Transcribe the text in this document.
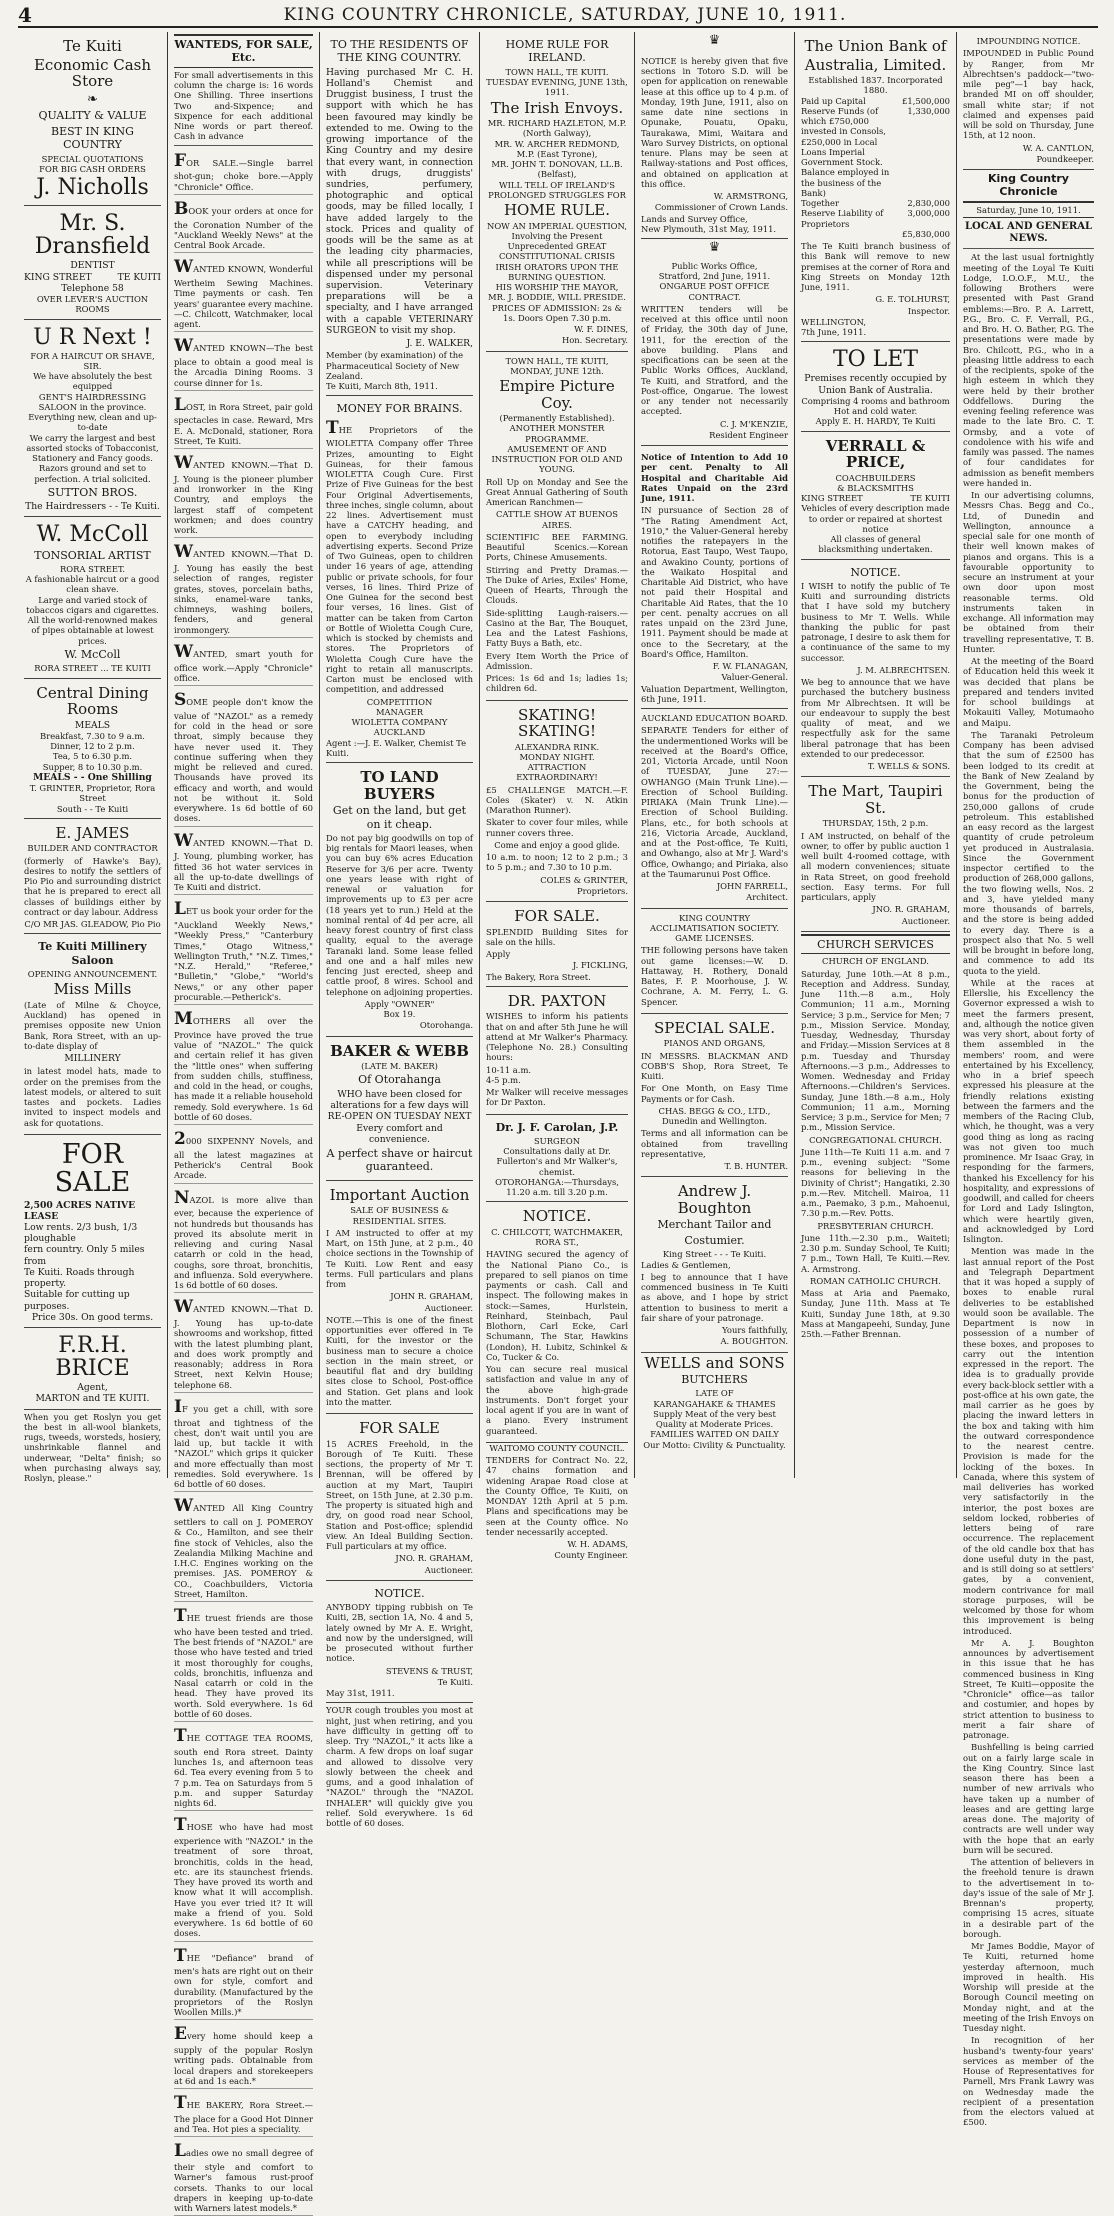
4	KING COUNTRY CHRONICLE, SATURDAY, JUNE 10, 1911.
Te Kuiti
Economic Cash Store
❧
QUALITY & VALUE
BEST IN KING COUNTRY
SPECIAL QUOTATIONS
FOR BIG CASH ORDERS
J. Nicholls
Mr. S. Dransfield
DENTIST
KING STREET	TE KUITI
Telephone 58
OVER LEVER'S AUCTION ROOMS
U R Next !
FOR A HAIRCUT OR SHAVE, SIR.
We have absolutely the best equipped
GENT'S HAIRDRESSING SALOON in the province.
Everything new, clean and up-to-date
We carry the largest and best assorted stocks of Tobacconist, Stationery and Fancy goods.
Razors ground and set to perfection. A trial solicited.
SUTTON BROS.
The Hairdressers - - Te Kuiti.
W. McColl
TONSORIAL ARTIST
RORA STREET.
A fashionable haircut or a good clean shave.
Large and varied stock of tobaccos cigars and cigarettes.
All the world-renowned makes of pipes obtainable at lowest prices.
W. McColl
RORA STREET ... TE KUITI
Central Dining Rooms
MEALS
Breakfast, 7.30 to 9 a.m.
Dinner, 12 to 2 p.m.
Tea, 5 to 6.30 p.m.
Supper, 8 to 10.30 p.m.
MEALS - - One Shilling
T. GRINTER, Proprietor, Rora Street
South - - Te Kuiti
E. JAMES
BUILDER AND CONTRACTOR
(formerly of Hawke's Bay), desires to notify the settlers of Pio Pio and surrounding district that he is prepared to erect all classes of buildings either by contract or day labour. Address
C/O MR JAS. GLEADOW, Pio Pio
Te Kuiti Millinery Saloon
OPENING ANNOUNCEMENT.
Miss Mills
(Late of Milne & Choyce, Auckland) has opened in premises opposite new Union Bank, Rora Street, with an up-to-date display of
MILLINERY
in latest model hats, made to order on the premises from the latest models, or altered to suit tastes and pockets. Ladies invited to inspect models and ask for quotations.
FOR SALE
2,500 ACRES NATIVE LEASE
Low rents. 2/3 bush, 1/3 ploughable
fern country. Only 5 miles from
Te Kuiti. Roads through property.
Suitable for cutting up purposes.
Price 30s. On good terms.
F.R.H. BRICE
Agent,
MARTON and TE KUITI.
When you get Roslyn you get the best in all-wool blankets, rugs, tweeds, worsteds, hosiery, unshrinkable flannel and underwear, "Delta" finish; so when purchasing always say, Roslyn, please."
WANTEDS, FOR SALE, Etc.
For small advertisements in this column the charge is: 16 words One Shilling. Three insertions Two and-Sixpence; and Sixpence for each additional Nine words or part thereof. Cash in advance
FOR SALE.—Single barrel shot-gun; choke bore.—Apply "Chronicle" Office.
BOOK your orders at once for the Coronation Number of the "Auckland Weekly News" at the Central Book Arcade.
WANTED KNOWN, Wonderful Wertheim Sewing Machines. Time payments or cash. Ten years' guarantee every machine.—C. Chilcott, Watchmaker, local agent.
WANTED KNOWN—The best place to obtain a good meal is the Arcadia Dining Rooms. 3 course dinner for 1s.
LOST, in Rora Street, pair gold spectacles in case. Reward, Mrs E. A. McDonald, stationer, Rora Street, Te Kuiti.
WANTED KNOWN.—That D. J. Young is the pioneer plumber and ironworker in the King Country, and employs the largest staff of competent workmen; and does country work.
WANTED KNOWN.—That D. J. Young has easily the best selection of ranges, register grates, stoves, porcelain baths, sinks, enamel-ware tanks, chimneys, washing boilers, fenders, and general ironmongery.
WANTED, smart youth for office work.—Apply "Chronicle" office.
SOME people don't know the value of "NAZOL" as a remedy for cold in the head or sore throat, simply because they have never used it. They continue suffering when they might be relieved and cured. Thousands have proved its efficacy and worth, and would not be without it. Sold everywhere. 1s 6d bottle of 60 doses.
WANTED KNOWN.—That D. J. Young, plumbing worker, has fitted 36 hot water services in all the up-to-date dwellings of Te Kuiti and district.
LET us book your order for the "Auckland Weekly News," "Weekly Press," "Canterbury Times," Otago Witness," Wellington Truth," "N.Z. Times," "N.Z. Herald," "Referee," "Bulletin," "Globe," "World's News," or any other paper procurable.—Petherick's.
MOTHERS all over the Province have proved the true value of "NAZOL." The quick and certain relief it has given the "little ones" when suffering from sudden chills, stuffiness, and cold in the head, or coughs, has made it a reliable household remedy. Sold everywhere. 1s 6d bottle of 60 doses.
2000 SIXPENNY Novels, and all the latest magazines at Petherick's Central Book Arcade.
NAZOL is more alive than ever, because the experience of not hundreds but thousands has proved its absolute merit in relieving and curing Nasal catarrh or cold in the head, coughs, sore throat, bronchitis, and influenza. Sold everywhere. 1s 6d bottle of 60 doses.
WANTED KNOWN.—That D. J. Young has up-to-date showrooms and workshop, fitted with the latest plumbing plant, and does work promptly and reasonably; address in Rora Street, next Kelvin House; telephone 68.
IF you get a chill, with sore throat and tightness of the chest, don't wait until you are laid up, but tackle it with "NAZOL" which grips it quicker and more effectually than most remedies. Sold everywhere. 1s 6d bottle of 60 doses.
WANTED All King Country settlers to call on J. POMEROY & Co., Hamilton, and see their fine stock of Vehicles, also the Zealandia Milking Machine and I.H.C. Engines working on the premises. JAS. POMEROY & CO., Coachbuilders, Victoria Street, Hamilton.
THE truest friends are those who have been tested and tried. The best friends of "NAZOL" are those who have tested and tried it most thoroughly for coughs, colds, bronchitis, influenza and Nasal catarrh or cold in the head. They have proved its worth. Sold everywhere. 1s 6d bottle of 60 doses.
THE COTTAGE TEA ROOMS, south end Rora street. Dainty lunches 1s, and afternoon teas 6d. Tea every evening from 5 to 7 p.m. Tea on Saturdays from 5 p.m. and supper Saturday nights 6d.
THOSE who have had most experience with "NAZOL" in the treatment of sore throat, bronchitis, colds in the head, etc. are its staunchest friends. They have proved its worth and know what it will accomplish. Have you ever tried it? It will make a friend of you. Sold everywhere. 1s 6d bottle of 60 doses.
THE "Defiance" brand of men's hats are right out on their own for style, comfort and durability. (Manufactured by the proprietors of the Roslyn Woollen Mills.)*
Every home should keep a supply of the popular Roslyn writing pads. Obtainable from local drapers and storekeepers at 6d and 1s each.*
THE BAKERY, Rora Street.—The place for a Good Hot Dinner and Tea. Hot pies a speciality.
Ladies owe no small degree of their style and comfort to Warner's famous rust-proof corsets. Thanks to our local drapers in keeping up-to-date with Warners latest models.*
TO THE RESIDENTS OF THE KING COUNTRY.
Having purchased Mr C. H. Holland's Chemist and Druggist business, I trust the support with which he has been favoured may kindly be extended to me. Owing to the growing importance of the King Country and my desire that every want, in connection with drugs, druggists' sundries, perfumery, photographic and optical goods, may be filled locally, I have added largely to the stock. Prices and quality of goods will be the same as at the leading city pharmacies, while all prescriptions will be dispensed under my personal supervision. Veterinary preparations will be a specialty, and I have arranged with a capable VETERINARY SURGEON to visit my shop.
J. E. WALKER,
Member (by examination) of the Pharmaceutical Society of New Zealand.
Te Kuiti, March 8th, 1911.
MONEY FOR BRAINS.
THE Proprietors of the WIOLETTA Company offer Three Prizes, amounting to Eight Guineas, for their famous WIOLETTA Cough Cure. First Prize of Five Guineas for the best Four Original Advertisements, three inches, single column, about 22 lines. Advertisement must have a CATCHY heading, and open to everybody including advertising experts. Second Prize of Two Guineas, open to children under 16 years of age, attending public or private schools, for four verses, 16 lines. Third Prize of One Guinea for the second best four verses, 16 lines. Gist of matter can be taken from Carton or Bottle of Wioletta Cough Cure, which is stocked by chemists and stores. The Proprietors of Wioletta Cough Cure have the right to retain all manuscripts. Carton must be enclosed with competition, and addressed
COMPETITION
MANAGER
WIOLETTA COMPANY
AUCKLAND
Agent :—J. E. Walker, Chemist Te Kuiti.
TO LAND BUYERS
Get on the land, but get on it cheap.
Do not pay big goodwills on top of big rentals for Maori leases, when you can buy 6% acres Education Reserve for 3/6 per acre. Twenty one years lease with right of renewal or valuation for improvements up to £3 per acre (18 years yet to run.) Held at the nominal rental of 4d per acre, all heavy forest country of first class quality, equal to the average Taranaki land. Some lease felled and one and a half miles new fencing just erected, sheep and cattle proof, 8 wires. School and telephone on adjoining properties.
Apply "OWNER"
Box 19.
Otorohanga.
BAKER & WEBB
(LATE M. BAKER)
Of Otorahanga
WHO have been closed for alterations for a few days will
RE-OPEN ON TUESDAY NEXT
Every comfort and convenience.
A perfect shave or haircut guaranteed.
Important Auction
SALE OF BUSINESS & RESIDENTIAL SITES.
I AM instructed to offer at my Mart, on 15th June, at 2 p.m., 40 choice sections in the Township of Te Kuiti. Low Rent and easy terms. Full particulars and plans from
JOHN R. GRAHAM,
Auctioneer.
NOTE.—This is one of the finest opportunities ever offered in Te Kuiti, for the investor or the business man to secure a choice section in the main street, or beautiful flat and dry building sites close to School, Post-office and Station. Get plans and look into the matter.
FOR SALE
15 ACRES Freehold, in the Borough of Te Kuiti. These sections, the property of Mr T. Brennan, will be offered by auction at my Mart, Taupiri Street, on 15th June, at 2.30 p.m. The property is situated high and dry, on good road near School, Station and Post-office; splendid view. An Ideal Building Section. Full particulars at my office.
JNO. R. GRAHAM,
Auctioneer.
NOTICE.
ANYBODY tipping rubbish on Te Kuiti, 2B, section 1A, No. 4 and 5, lately owned by Mr A. E. Wright, and now by the undersigned, will be prosecuted without further notice.
STEVENS & TRUST,
Te Kuiti.
May 31st, 1911.
YOUR cough troubles you most at night, just when retiring, and you have difficulty in getting off to sleep. Try "NAZOL," it acts like a charm. A few drops on loaf sugar and allowed to dissolve very slowly between the cheek and gums, and a good inhalation of "NAZOL" through the "NAZOL INHALER" will quickly give you relief. Sold everywhere. 1s 6d bottle of 60 doses.
HOME RULE FOR IRELAND.
TOWN HALL, TE KUITI.
TUESDAY EVENING, JUNE 13th, 1911.
The Irish Envoys.
MR. RICHARD HAZLETON, M.P. (North Galway),
MR. W. ARCHER REDMOND, M.P. (East Tyrone),
MR. JOHN T. DONOVAN, LL.B. (Belfast),
WILL TELL OF IRELAND'S PROLONGED STRUGGLES FOR
HOME RULE.
NOW AN IMPERIAL QUESTION, Involving the Present Unprecedented GREAT CONSTITUTIONAL CRISIS
IRISH ORATORS UPON THE BURNING QUESTION.
HIS WORSHIP THE MAYOR, MR. J. BODDIE, WILL PRESIDE.
PRICES OF ADMISSION: 2s & 1s. Doors Open 7.30 p.m.
W. F. DINES,
Hon. Secretary.
TOWN HALL, TE KUITI,
MONDAY, JUNE 12th.
Empire Picture Coy.
(Permanently Established).
ANOTHER MONSTER PROGRAMME.
AMUSEMENT OF AND INSTRUCTION FOR OLD AND YOUNG.
Roll Up on Monday and See the Great Annual Gathering of South American Ranchmen—
CATTLE SHOW AT BUENOS AIRES.
SCIENTIFIC BEE FARMING. Beautiful Scenics.—Korean Ports, Chinese Amusements.
Stirring and Pretty Dramas.—The Duke of Aries, Exiles' Home, Queen of Hearts, Through the Clouds.
Side-splitting Laugh-raisers.—Casino at the Bar, The Bouquet, Lea and the Latest Fashions, Fatty Buys a Bath, etc.
Every Item Worth the Price of Admission.
Prices: 1s 6d and 1s; ladies 1s; children 6d.
SKATING! SKATING!
ALEXANDRA RINK.
MONDAY NIGHT.
ATTRACTION EXTRAORDINARY!
£5 CHALLENGE MATCH.—F. Coles (Skater) v. N. Atkin (Marathon Runner).
Skater to cover four miles, while runner covers three.
Come and enjoy a good glide.
10 a.m. to noon; 12 to 2 p.m.; 3 to 5 p.m.; and 7.30 to 10 p.m.
COLES & GRINTER,
Proprietors.
FOR SALE.
SPLENDID Building Sites for sale on the hills.
Apply
J. FICKLING,
The Bakery, Rora Street.
DR. PAXTON
WISHES to inform his patients that on and after 5th June he will attend at Mr Walker's Pharmacy. (Telephone No. 28.) Consulting hours:
10-11 a.m.
4-5 p.m.
Mr Walker will receive messages for Dr Paxton.
Dr. J. F. Carolan, J.P.
SURGEON
Consultations daily at Dr. Fullerton's and Mr Walker's, chemist.
OTOROHANGA:—Thursdays, 11.20 a.m. till 3.20 p.m.
NOTICE.
C. CHILCOTT, WATCHMAKER, RORA ST.,
HAVING secured the agency of the National Piano Co., is prepared to sell pianos on time payments or cash. Call and inspect. The following makes in stock:—Sames, Hurlstein, Reinhard, Steinbach, Paul Blothorn, Carl Ecke, Carl Schumann, The Star, Hawkins (London), H. Lubitz, Schinkel & Co, Tucker & Co.
You can secure real musical satisfaction and value in any of the above high-grade instruments. Don't forget your local agent if you are in want of a piano. Every instrument guaranteed.
WAITOMO COUNTY COUNCIL.
TENDERS for Contract No. 22, 47 chains formation and widening Arapae Road close at the County Office, Te Kuiti, on MONDAY 12th April at 5 p.m. Plans and specifications may be seen at the County office. No tender necessarily accepted.
W. H. ADAMS,
County Engineer.
♛
NOTICE is hereby given that five sections in Totoro S.D. will be open for application on renewable lease at this office up to 4 p.m. of Monday, 19th June, 1911, also on same date nine sections in Opunake, Pouatu, Opaku, Taurakawa, Mimi, Waitara and Waro Survey Districts, on optional tenure. Plans may be seen at Railway-stations and Post offices, and obtained on application at this office.
W. ARMSTRONG,
Commissioner of Crown Lands.
Lands and Survey Office,
New Plymouth, 31st May, 1911.
♛
Public Works Office,
Stratford, 2nd June, 1911.
ONGARUE POST OFFICE CONTRACT.
WRITTEN tenders will be received at this office until noon of Friday, the 30th day of June, 1911, for the erection of the above building. Plans and specifications can be seen at the Public Works Offices, Auckland, Te Kuiti, and Stratford, and the Post-office, Ongarue. The lowest or any tender not necessarily accepted.
C. J. M'KENZIE,
Resident Engineer
Notice of Intention to Add 10 per cent. Penalty to All Hospital and Charitable Aid Rates Unpaid on the 23rd June, 1911.
IN pursuance of Section 28 of "The Rating Amendment Act, 1910," the Valuer-General hereby notifies the ratepayers in the Rotorua, East Taupo, West Taupo, and Awakino County, portions of the Waikato Hospital and Charitable Aid District, who have not paid their Hospital and Charitable Aid Rates, that the 10 per cent. penalty accrues on all rates unpaid on the 23rd June, 1911. Payment should be made at once to the Secretary, at the Board's Office, Hamilton.
F. W. FLANAGAN,
Valuer-General.
Valuation Department, Wellington,
6th June, 1911.
AUCKLAND EDUCATION BOARD.
SEPARATE Tenders for either of the undermentioned Works will be received at the Board's Office, 201, Victoria Arcade, until Noon of TUESDAY, June 27:— OWHANGO (Main Trunk Line).—Erection of School Building. PIRIAKA (Main Trunk Line).—Erection of School Building. Plans, etc., for both schools at 216, Victoria Arcade, Auckland, and at the Post-office, Te Kuiti, and Owhango, also at Mr J. Ward's Office, Owhango; and Piriaka, also at the Taumarunui Post Office.
JOHN FARRELL,
Architect.
KING COUNTRY ACCLIMATISATION SOCIETY.
GAME LICENSES.
THE following persons have taken out game licenses:—W. D. Hattaway, H. Rothery, Donald Bates, F. P. Moorhouse, J. W. Cochrane, A. M. Ferry, L. G. Spencer.
SPECIAL SALE.
PIANOS AND ORGANS,
IN MESSRS. BLACKMAN AND COBB'S Shop, Rora Street, Te Kuiti.
For One Month, on Easy Time Payments or for Cash.
CHAS. BEGG & CO., LTD.,
Dunedin and Wellington.
Terms and all information can be obtained from travelling representative,
T. B. HUNTER.
Andrew J. Boughton
Merchant Tailor and
Costumier.
King Street - - - Te Kuiti.
Ladies & Gentlemen,
I beg to announce that I have commenced business in Te Kuiti as above, and I hope by strict attention to business to merit a fair share of your patronage.
Yours faithfully,
A. BOUGHTON.
WELLS and SONS
BUTCHERS
LATE OF
KARANGAHAKE & THAMES
Supply Meat of the very best Quality at Moderate Prices.
FAMILIES WAITED ON DAILY
Our Motto: Civility & Punctuality.
The Union Bank of
Australia, Limited.
Established 1837. Incorporated 1880.
Paid up Capital	£1,500,000
Reserve Funds (of which £750,000 invested in Consols, £250,000 in Local Loans Imperial Government Stock. Balance employed in the business of the Bank)
1,330,000
Together	2,830,000
Reserve Liability of Proprietors
3,000,000
£5,830,000
The Te Kuiti branch business of this Bank will remove to new premises at the corner of Rora and King Streets on Monday 12th June, 1911.
G. E. TOLHURST,
Inspector.
WELLINGTON,
7th June, 1911.
TO LET
Premises recently occupied by Union Bank of Australia.
Comprising 4 rooms and bathroom Hot and cold water.
Apply E. H. HARDY, Te Kuiti
VERRALL & PRICE,
COACHBUILDERS
& BLACKSMITHS
KING STREET	TE KUITI
Vehicles of every description made to order or repaired at shortest notice
All classes of general blacksmithing undertaken.
NOTICE.
I WISH to notify the public of Te Kuiti and surrounding districts that I have sold my butchery business to Mr T. Wells. While thanking the public for past patronage, I desire to ask them for a continuance of the same to my successor.
J. M. ALBRECHTSEN.
We beg to announce that we have purchased the butchery business from Mr Albrechtsen. It will be our endeavour to supply the best quality of meat, and we respectfully ask for the same liberal patronage that has been extended to our predecessor.
T. WELLS & SONS.
The Mart, Taupiri St.
THURSDAY, 15th, 2 p.m.
I AM instructed, on behalf of the owner, to offer by public auction 1 well built 4-roomed cottage, with all modern conveniences; situate in Rata Street, on good freehold section. Easy terms. For full particulars, apply
JNO. R. GRAHAM,
Auctioneer.
CHURCH SERVICES
CHURCH OF ENGLAND.
Saturday, June 10th.—At 8 p.m., Reception and Address. Sunday, June 11th.—8 a.m., Holy Communion; 11 a.m., Morning Service; 3 p.m., Service for Men; 7 p.m., Mission Service. Monday, Tuesday, Wednesday, Thursday and Friday.—Mission Services at 8 p.m. Tuesday and Thursday Afternoons.—3 p.m., Addresses to Women. Wednesday and Friday Afternoons.—Children's Services. Sunday, June 18th.—8 a.m., Holy Communion; 11 a.m., Morning Service; 3 p.m., Service for Men; 7 p.m., Mission Service.
CONGREGATIONAL CHURCH.
June 11th—Te Kuiti 11 a.m. and 7 p.m., evening subject: "Some reasons for believing in the Divinity of Christ"; Hangatiki, 2.30 p.m.—Rev. Mitchell. Mairoa, 11 a.m., Paemako, 3 p.m., Mahoenui, 7.30 p.m.—Rev. Potts.
PRESBYTERIAN CHURCH.
June 11th.—2.30 p.m., Waiteti; 2.30 p.m. Sunday School, Te Kuiti; 7 p.m., Town Hall, Te Kuiti.—Rev. A. Armstrong.
ROMAN CATHOLIC CHURCH.
Mass at Aria and Paemako, Sunday, June 11th. Mass at Te Kuiti, Sunday June 18th, at 9.30 Mass at Mangapeehi, Sunday, June 25th.—Father Brennan.
IMPOUNDING NOTICE.
IMPOUNDED in Public Pound by Ranger, from Mr Albrechtsen's paddock—"two-mile peg"—1 bay hack, branded MI on off shoulder, small white star; if not claimed and expenses paid will be sold on Thursday, June 15th, at 12 noon.
W. A. CANTLON,
Poundkeeper.
King Country Chronicle
Saturday, June 10, 1911.
LOCAL AND GENERAL NEWS.
At the last usual fortnightly meeting of the Loyal Te Kuiti Lodge, I.O.O.F., M.U., the following Brothers were presented with Past Grand emblems:—Bro. P. A. Larrett, P.G., Bro. C. F. Verrall, P.G., and Bro. H. O. Bather, P.G. The presentations were made by Bro. Chilcott, P.G., who in a pleasing little address to each of the recipients, spoke of the high esteem in which they were held by their brother Oddfellows. During the evening feeling reference was made to the late Bro. C. T. Ormsby, and a vote of condolence with his wife and family was passed. The names of four candidates for admission as benefit members were handed in.
In our advertising columns, Messrs Chas. Begg and Co., Ltd, of Dunedin and Wellington, announce a special sale for one month of their well known makes of pianos and organs. This is a favourable opportunity to secure an instrument at your own door upon most reasonable terms. Old instruments taken in exchange. All information may be obtained from their travelling representative, T. B. Hunter.
At the meeting of the Board of Education held this week it was decided that plans be prepared and tenders invited for school buildings at Mokauiti Valley, Motumaoho and Maipu.
The Taranaki Petroleum Company has been advised that the sum of £2500 has been lodged to its credit at the Bank of New Zealand by the Government, being the bonus for the production of 250,000 gallons of crude petroleum. This established an easy record as the largest quantity of crude petroleum yet produced in Australasia. Since the Government inspector certified to the production of 268,000 gallons, the two flowing wells, Nos. 2 and 3, have yielded many more thousands of barrels, and the store is being added to every day. There is a prospect also that No. 5 well will be brought in before long, and commence to add its quota to the yield.
While at the races at Ellerslie, his Excellency the Governor expressed a wish to meet the farmers present, and, although the notice given was very short, about forty of them assembled in the members' room, and were entertained by his Excellency, who in a brief speech expressed his pleasure at the friendly relations existing between the farmers and the members of the Racing Club, which, he thought, was a very good thing as long as racing was not given too much prominence. Mr Isaac Gray, in responding for the farmers, thanked his Excellency for his hospitality, and expressions of goodwill, and called for cheers for Lord and Lady Islington, which were heartily given, and acknowledged by Lord Islington.
Mention was made in the last annual report of the Post and Telegraph Department that it was hoped a supply of boxes to enable rural deliveries to be established would soon be available. The Department is now in possession of a number of these boxes, and proposes to carry out the intention expressed in the report. The idea is to gradually provide every back-block settler with a post-office at his own gate, the mail carrier as he goes by placing the inward letters in the box and taking with him the outward correspondence to the nearest centre. Provision is made for the locking of the boxes. In Canada, where this system of mail deliveries has worked very satisfactorily in the interior, the post boxes are seldom locked, robberies of letters being of rare occurrence. The replacement of the old candle box that has done useful duty in the past, and is still doing so at settlers' gates, by a convenient, modern contrivance for mail storage purposes, will be welcomed by those for whom this improvement is being introduced.
Mr A. J. Boughton announces by advertisement in this issue that he has commenced business in King Street, Te Kuiti—opposite the "Chronicle" office—as tailor and costumier, and hopes by strict attention to business to merit a fair share of patronage.
Bushfelling is being carried out on a fairly large scale in the King Country. Since last season there has been a number of new arrivals who have taken up a number of leases and are getting large areas done. The majority of contracts are well under way with the hope that an early burn will be secured.
The attention of believers in the freehold tenure is drawn to the advertisement in to-day's issue of the sale of Mr J. Brennan's property, comprising 15 acres, situate in a desirable part of the borough.
Mr James Boddie, Mayor of Te Kuiti, returned home yesterday afternoon, much improved in health. His Worship will preside at the Borough Council meeting on Monday night, and at the meeting of the Irish Envoys on Tuesday night.
In recognition of her husband's twenty-four years' services as member of the House of Representatives for Parnell, Mrs Frank Lawry was on Wednesday made the recipient of a presentation from the electors valued at £500.
